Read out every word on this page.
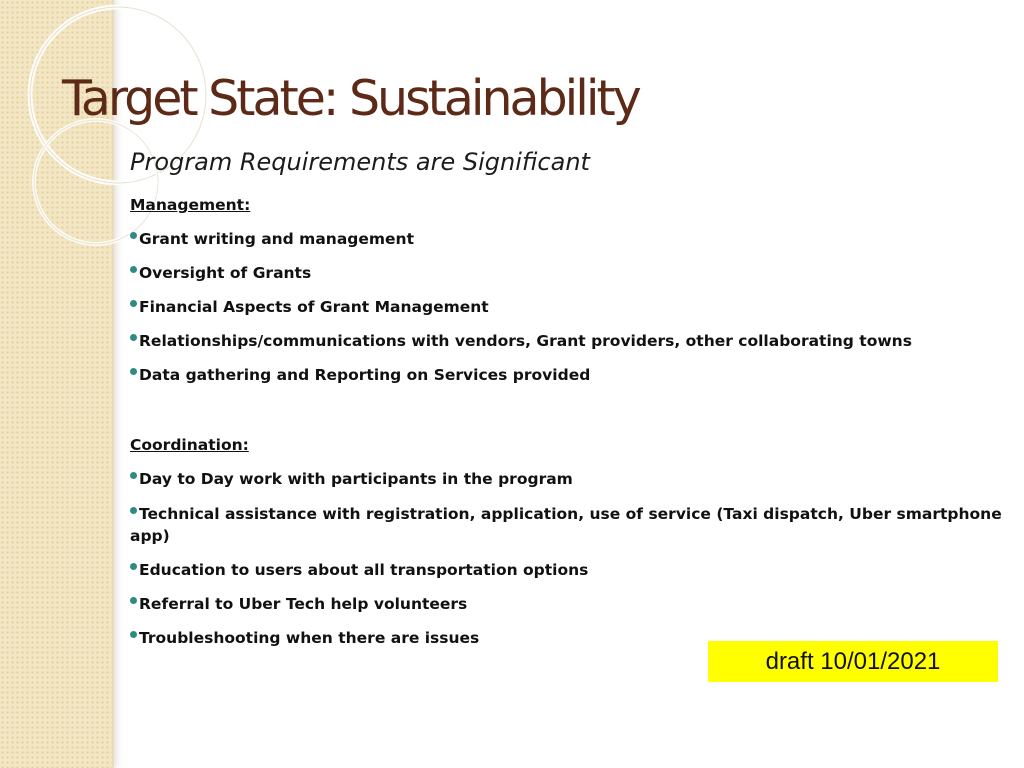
Target State: Sustainability
Program Requirements are Significant

Management:

Grant writing and management
Oversight of Grants
Financial Aspects of Grant Management
Relationships/communications with vendors, Grant providers, other collaborating towns
Data gathering and Reporting on Services provided

Coordination:

Day to Day work with participants in the program
Technical assistance with registration, application, use of service (Taxi dispatch, Uber smartphone app)
Education to users about all transportation options
Referral to Uber Tech help volunteers
Troubleshooting when there are issues
draft 10/01/2021
